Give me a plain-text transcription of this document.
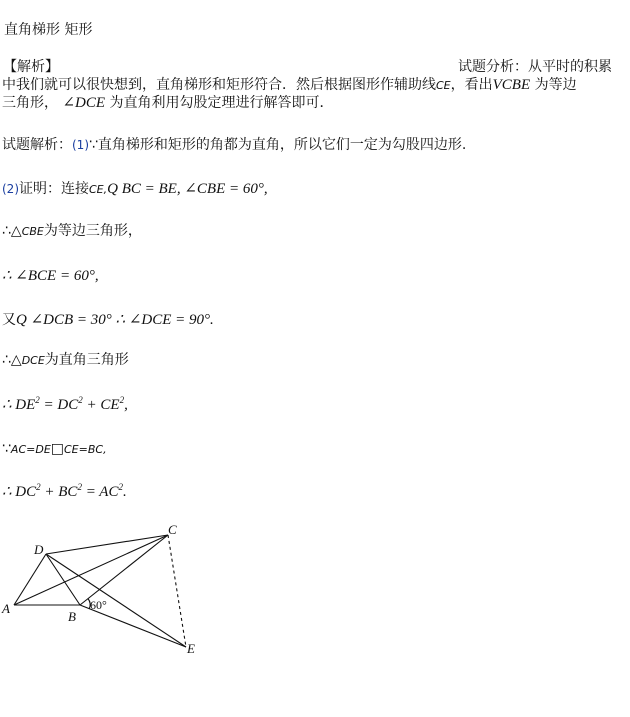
直角梯形 矩形
【解析】	试题分析：从平时的积累
中我们就可以很快想到，直角梯形和矩形符合．然后根据图形作辅助线CE，看出VCBE 为等边
三角形， ∠DCE 为直角利用勾股定理进行解答即可．
试题解析：(1)∵直角梯形和矩形的角都为直角，所以它们一定为勾股四边形.
(2)证明：连接CE,Q BC = BE, ∠CBE = 60°,
∴△CBE为等边三角形，
∴ ∠BCE = 60°,
又Q ∠DCB = 30° ∴ ∠DCE = 90°.
∴△DCE为直角三角形
∴ $DE^2 = DC^2 + CE^2$,
∵AC=DE□CE=BC,
∴ $DC^2 + BC^2 = AC^2$.
A
B
C
D
E
60°
